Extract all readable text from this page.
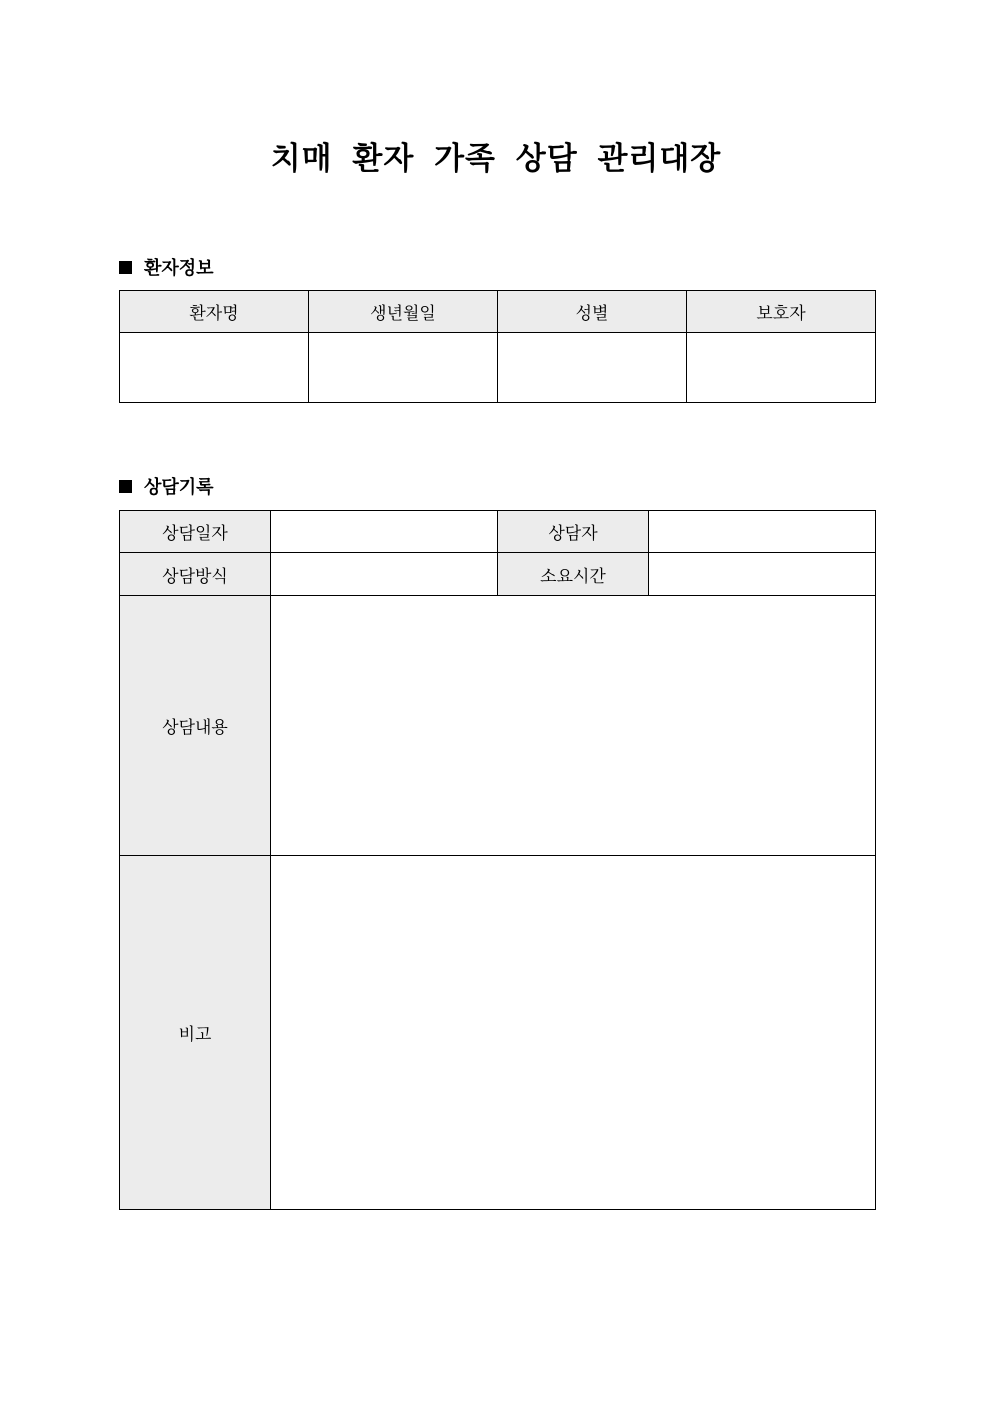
치매 환자 가족 상담 관리대장
환자정보
환자명	생년월일	성별	보호자

상담기록
상담일자		상담자	
상담방식		소요시간	
상담내용			
비고			
